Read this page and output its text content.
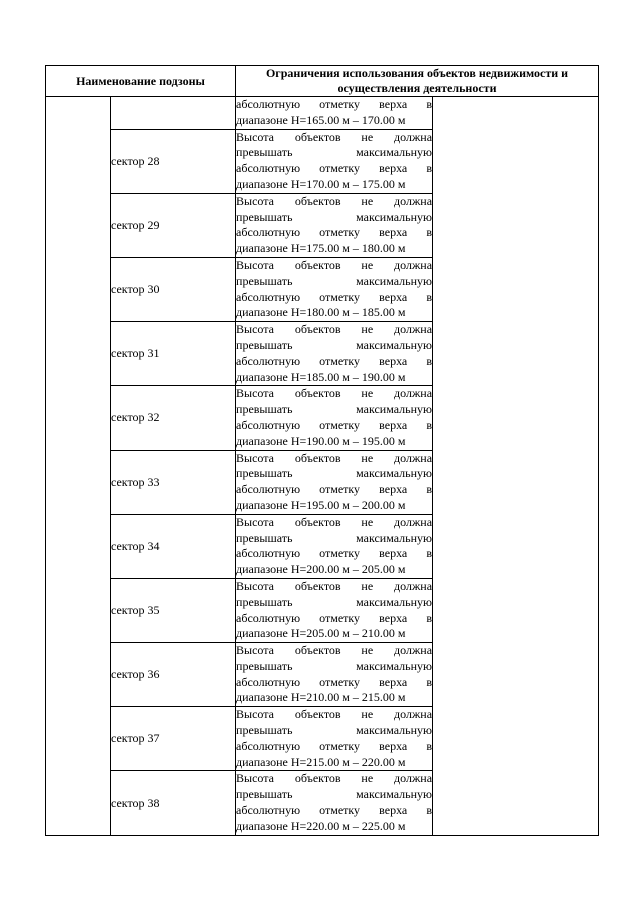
Наименование подзоны		Ограничения использования объектов недвижимости и осуществления деятельности	

		абсолютную отметку верха в
диапазоне Н=165.00 м – 170.00 м	

	сектор 28	Высота объектов не должна
превышать максимальную
абсолютную отметку верха в
диапазоне Н=170.00 м – 175.00 м	

	сектор 29	Высота объектов не должна
превышать максимальную
абсолютную отметку верха в
диапазоне Н=175.00 м – 180.00 м	

	сектор 30	Высота объектов не должна
превышать максимальную
абсолютную отметку верха в
диапазоне Н=180.00 м – 185.00 м	

	сектор 31	Высота объектов не должна
превышать максимальную
абсолютную отметку верха в
диапазоне Н=185.00 м – 190.00 м	

	сектор 32	Высота объектов не должна
превышать максимальную
абсолютную отметку верха в
диапазоне Н=190.00 м – 195.00 м	

	сектор 33	Высота объектов не должна
превышать максимальную
абсолютную отметку верха в
диапазоне Н=195.00 м – 200.00 м	

	сектор 34	Высота объектов не должна
превышать максимальную
абсолютную отметку верха в
диапазоне Н=200.00 м – 205.00 м	

	сектор 35	Высота объектов не должна
превышать максимальную
абсолютную отметку верха в
диапазоне Н=205.00 м – 210.00 м	

	сектор 36	Высота объектов не должна
превышать максимальную
абсолютную отметку верха в
диапазоне Н=210.00 м – 215.00 м	

	сектор 37	Высота объектов не должна
превышать максимальную
абсолютную отметку верха в
диапазоне Н=215.00 м – 220.00 м	

	сектор 38	Высота объектов не должна
превышать максимальную
абсолютную отметку верха в
диапазоне Н=220.00 м – 225.00 м	
